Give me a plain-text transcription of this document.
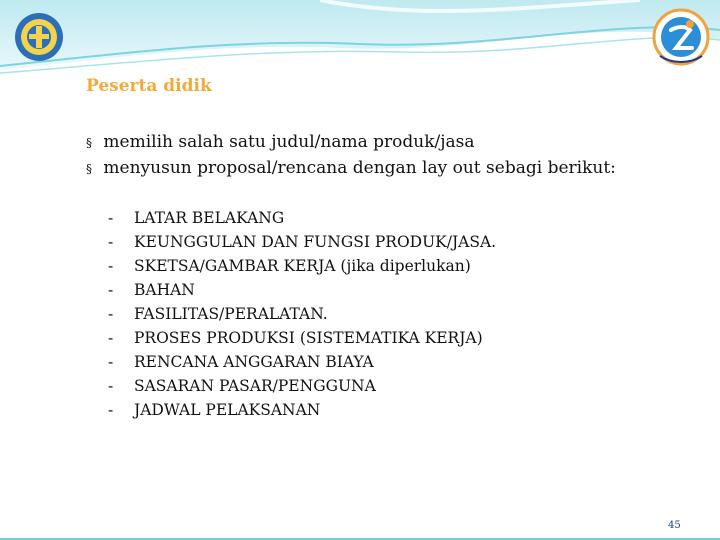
Peserta didik
§ memilih salah satu judul/nama produk/jasa
§ menyusun proposal/rencana dengan lay out sebagi berikut:
- LATAR BELAKANG
- KEUNGGULAN DAN FUNGSI PRODUK/JASA.
- SKETSA/GAMBAR KERJA (jika diperlukan)
- BAHAN
- FASILITAS/PERALATAN.
- PROSES PRODUKSI (SISTEMATIKA KERJA)
- RENCANA ANGGARAN BIAYA
- SASARAN PASAR/PENGGUNA
- JADWAL PELAKSANAN
45
